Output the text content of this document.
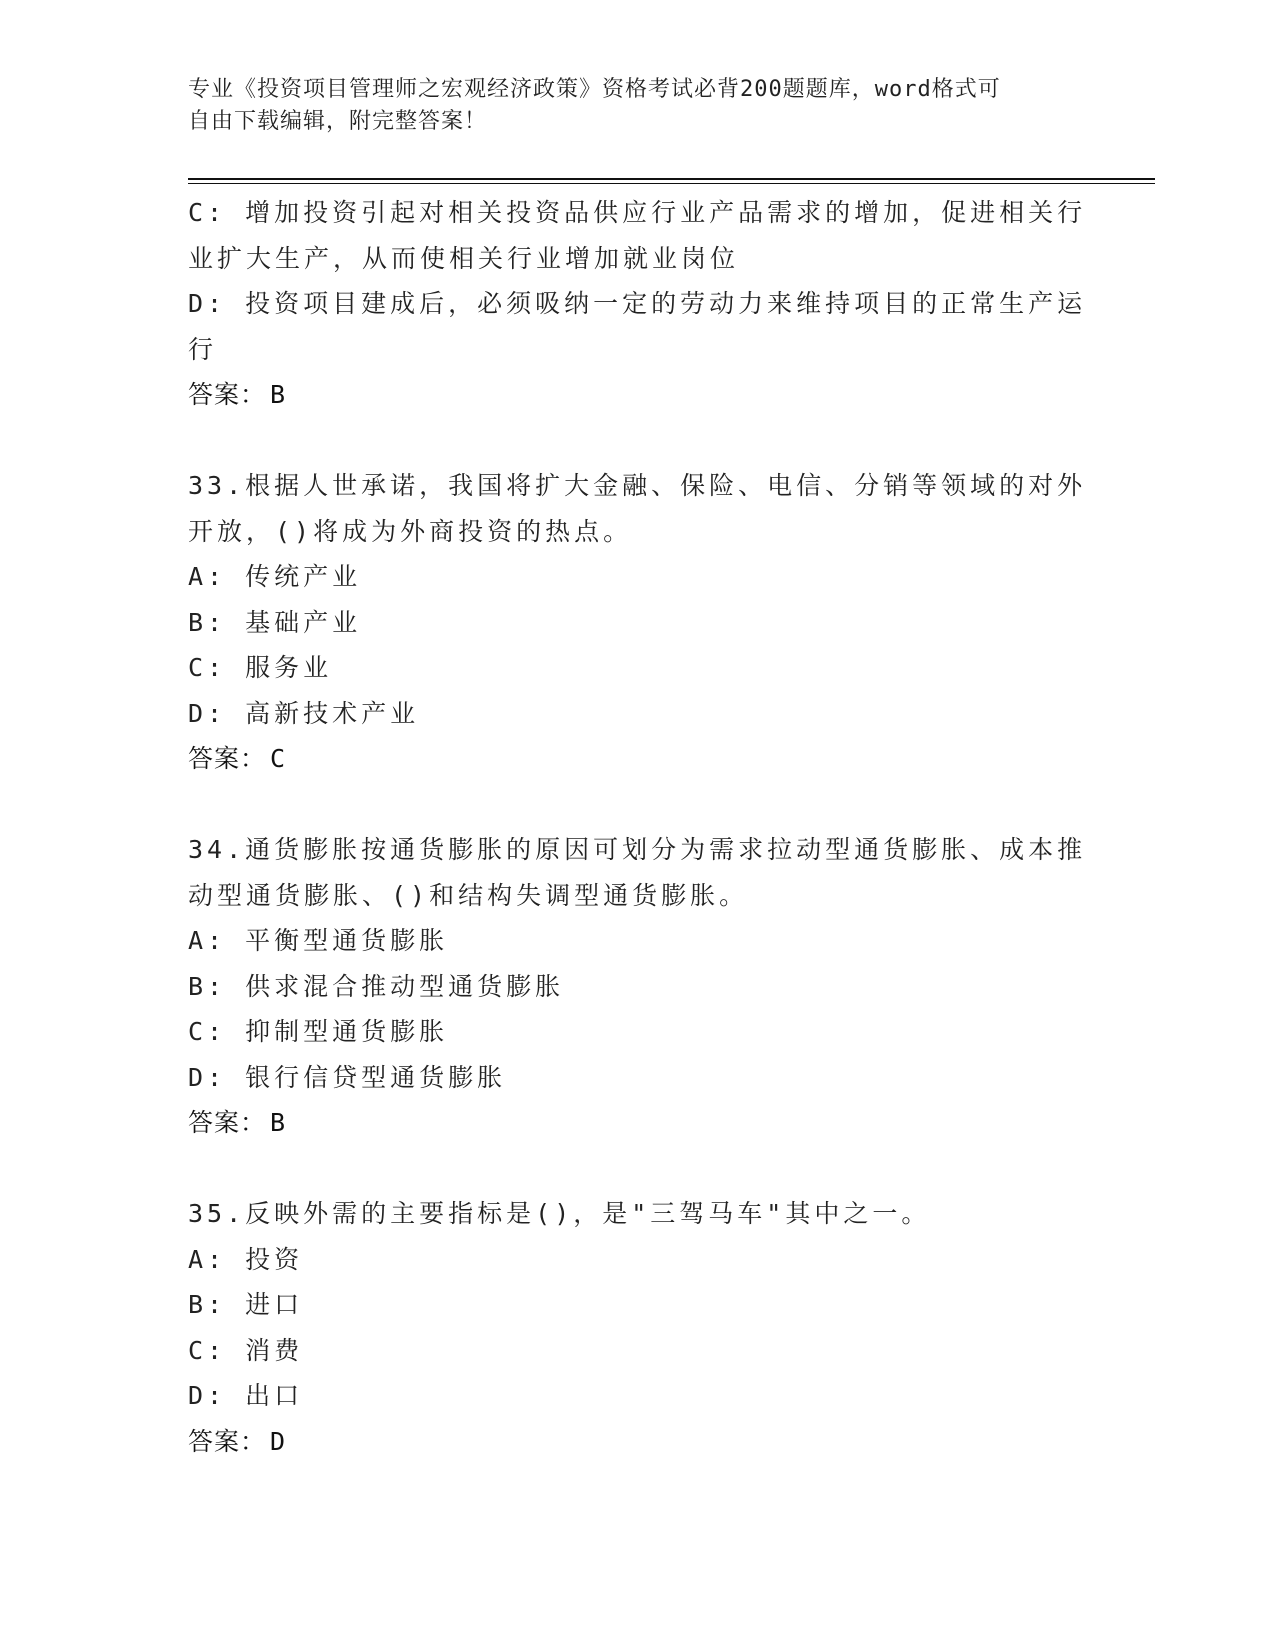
专业《投资项目管理师之宏观经济政策》资格考试必背200题题库，word格式可
自由下载编辑，附完整答案！
C: 增加投资引起对相关投资品供应行业产品需求的增加，促进相关行
业扩大生产，从而使相关行业增加就业岗位
D: 投资项目建成后，必须吸纳一定的劳动力来维持项目的正常生产运
行
答案： B
33.根据人世承诺，我国将扩大金融、保险、电信、分销等领域的对外
开放，()将成为外商投资的热点。
A: 传统产业
B: 基础产业
C: 服务业
D: 高新技术产业
答案： C
34.通货膨胀按通货膨胀的原因可划分为需求拉动型通货膨胀、成本推
动型通货膨胀、()和结构失调型通货膨胀。
A: 平衡型通货膨胀
B: 供求混合推动型通货膨胀
C: 抑制型通货膨胀
D: 银行信贷型通货膨胀
答案： B
35.反映外需的主要指标是()，是"三驾马车"其中之一。
A: 投资
B: 进口
C: 消费
D: 出口
答案： D
